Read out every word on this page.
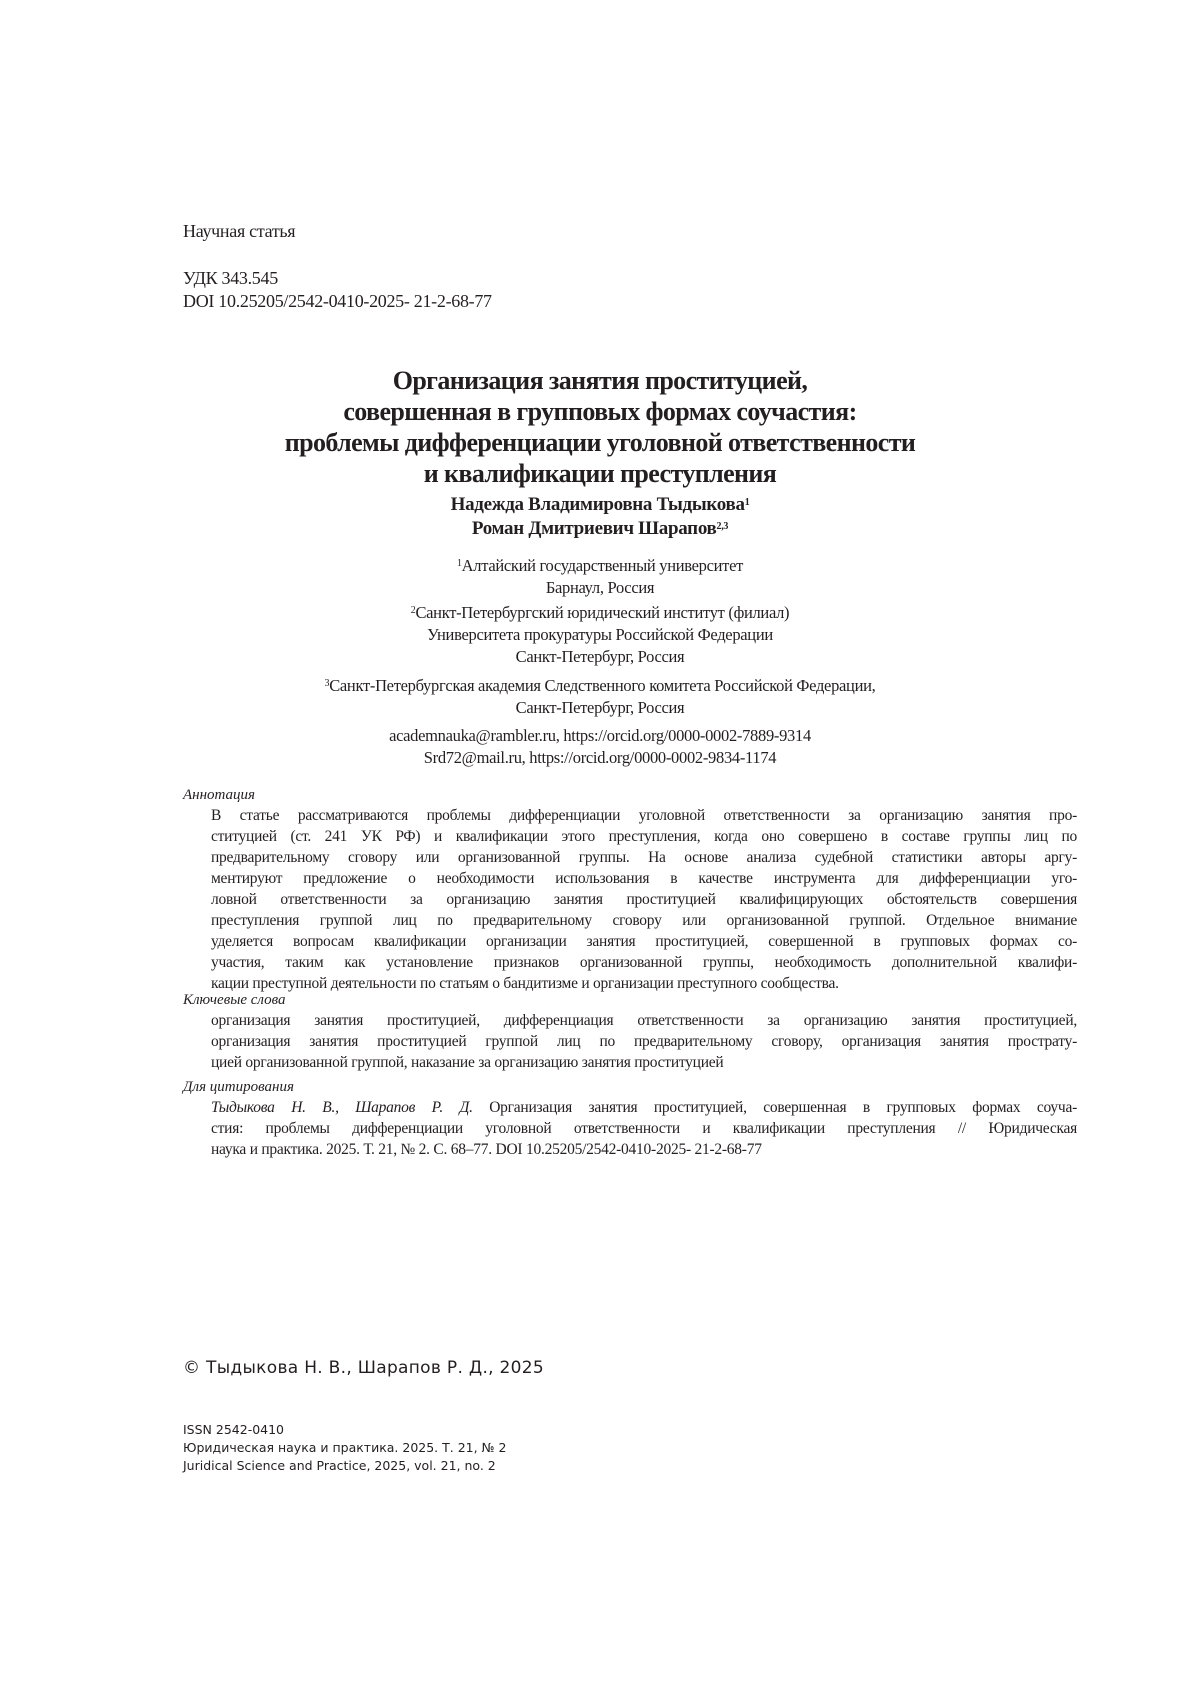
Научная статья
УДК 343.545
DOI 10.25205/2542-0410-2025- 21-2-68-77
Организация занятия проституцией,
совершенная в групповых формах соучастия:
проблемы дифференциации уголовной ответственности
и квалификации преступления
Надежда Владимировна Тыдыкова$^1$
Роман Дмитриевич Шарапов$^{2,3}$
$^1$Алтайский государственный университет
Барнаул, Россия
$^2$Санкт-Петербургский юридический институт (филиал)
Университета прокуратуры Российской Федерации
Санкт-Петербург, Россия
$^3$Санкт-Петербургская академия Следственного комитета Российской Федерации,
Санкт-Петербург, Россия
academnauka@rambler.ru, https://orcid.org/0000-0002-7889-9314
Srd72@mail.ru, https://orcid.org/0000-0002-9834-1174
Аннотация
В статье рассматриваются проблемы дифференциации уголовной ответственности за организацию занятия про-
ституцией (ст. 241 УК РФ) и квалификации этого преступления, когда оно совершено в составе группы лиц по
предварительному сговору или организованной группы. На основе анализа судебной статистики авторы аргу-
ментируют предложение о необходимости использования в качестве инструмента для дифференциации уго-
ловной ответственности за организацию занятия проституцией квалифицирующих обстоятельств совершения
преступления группой лиц по предварительному сговору или организованной группой. Отдельное внимание
уделяется вопросам квалификации организации занятия проституцией, совершенной в групповых формах со-
участия, таким как установление признаков организованной группы, необходимость дополнительной квалифи-
кации преступной деятельности по статьям о бандитизме и организации преступного сообщества.
Ключевые слова
организация занятия проституцией, дифференциация ответственности за организацию занятия проституцией,
организация занятия проституцией группой лиц по предварительному сговору, организация занятия прострату-
цией организованной группой, наказание за организацию занятия проституцией
Для цитирования
Тыдыкова Н. В., Шарапов Р. Д. Организация занятия проституцией, совершенная в групповых формах соуча-
стия: проблемы дифференциации уголовной ответственности и квалификации преступления // Юридическая
наука и практика. 2025. Т. 21, № 2. С. 68–77. DOI 10.25205/2542-0410-2025- 21-2-68-77
© Тыдыкова Н. В., Шарапов Р. Д., 2025
ISSN 2542-0410
Юридическая наука и практика. 2025. Т. 21, № 2
Juridical Science and Practice, 2025, vol. 21, no. 2
